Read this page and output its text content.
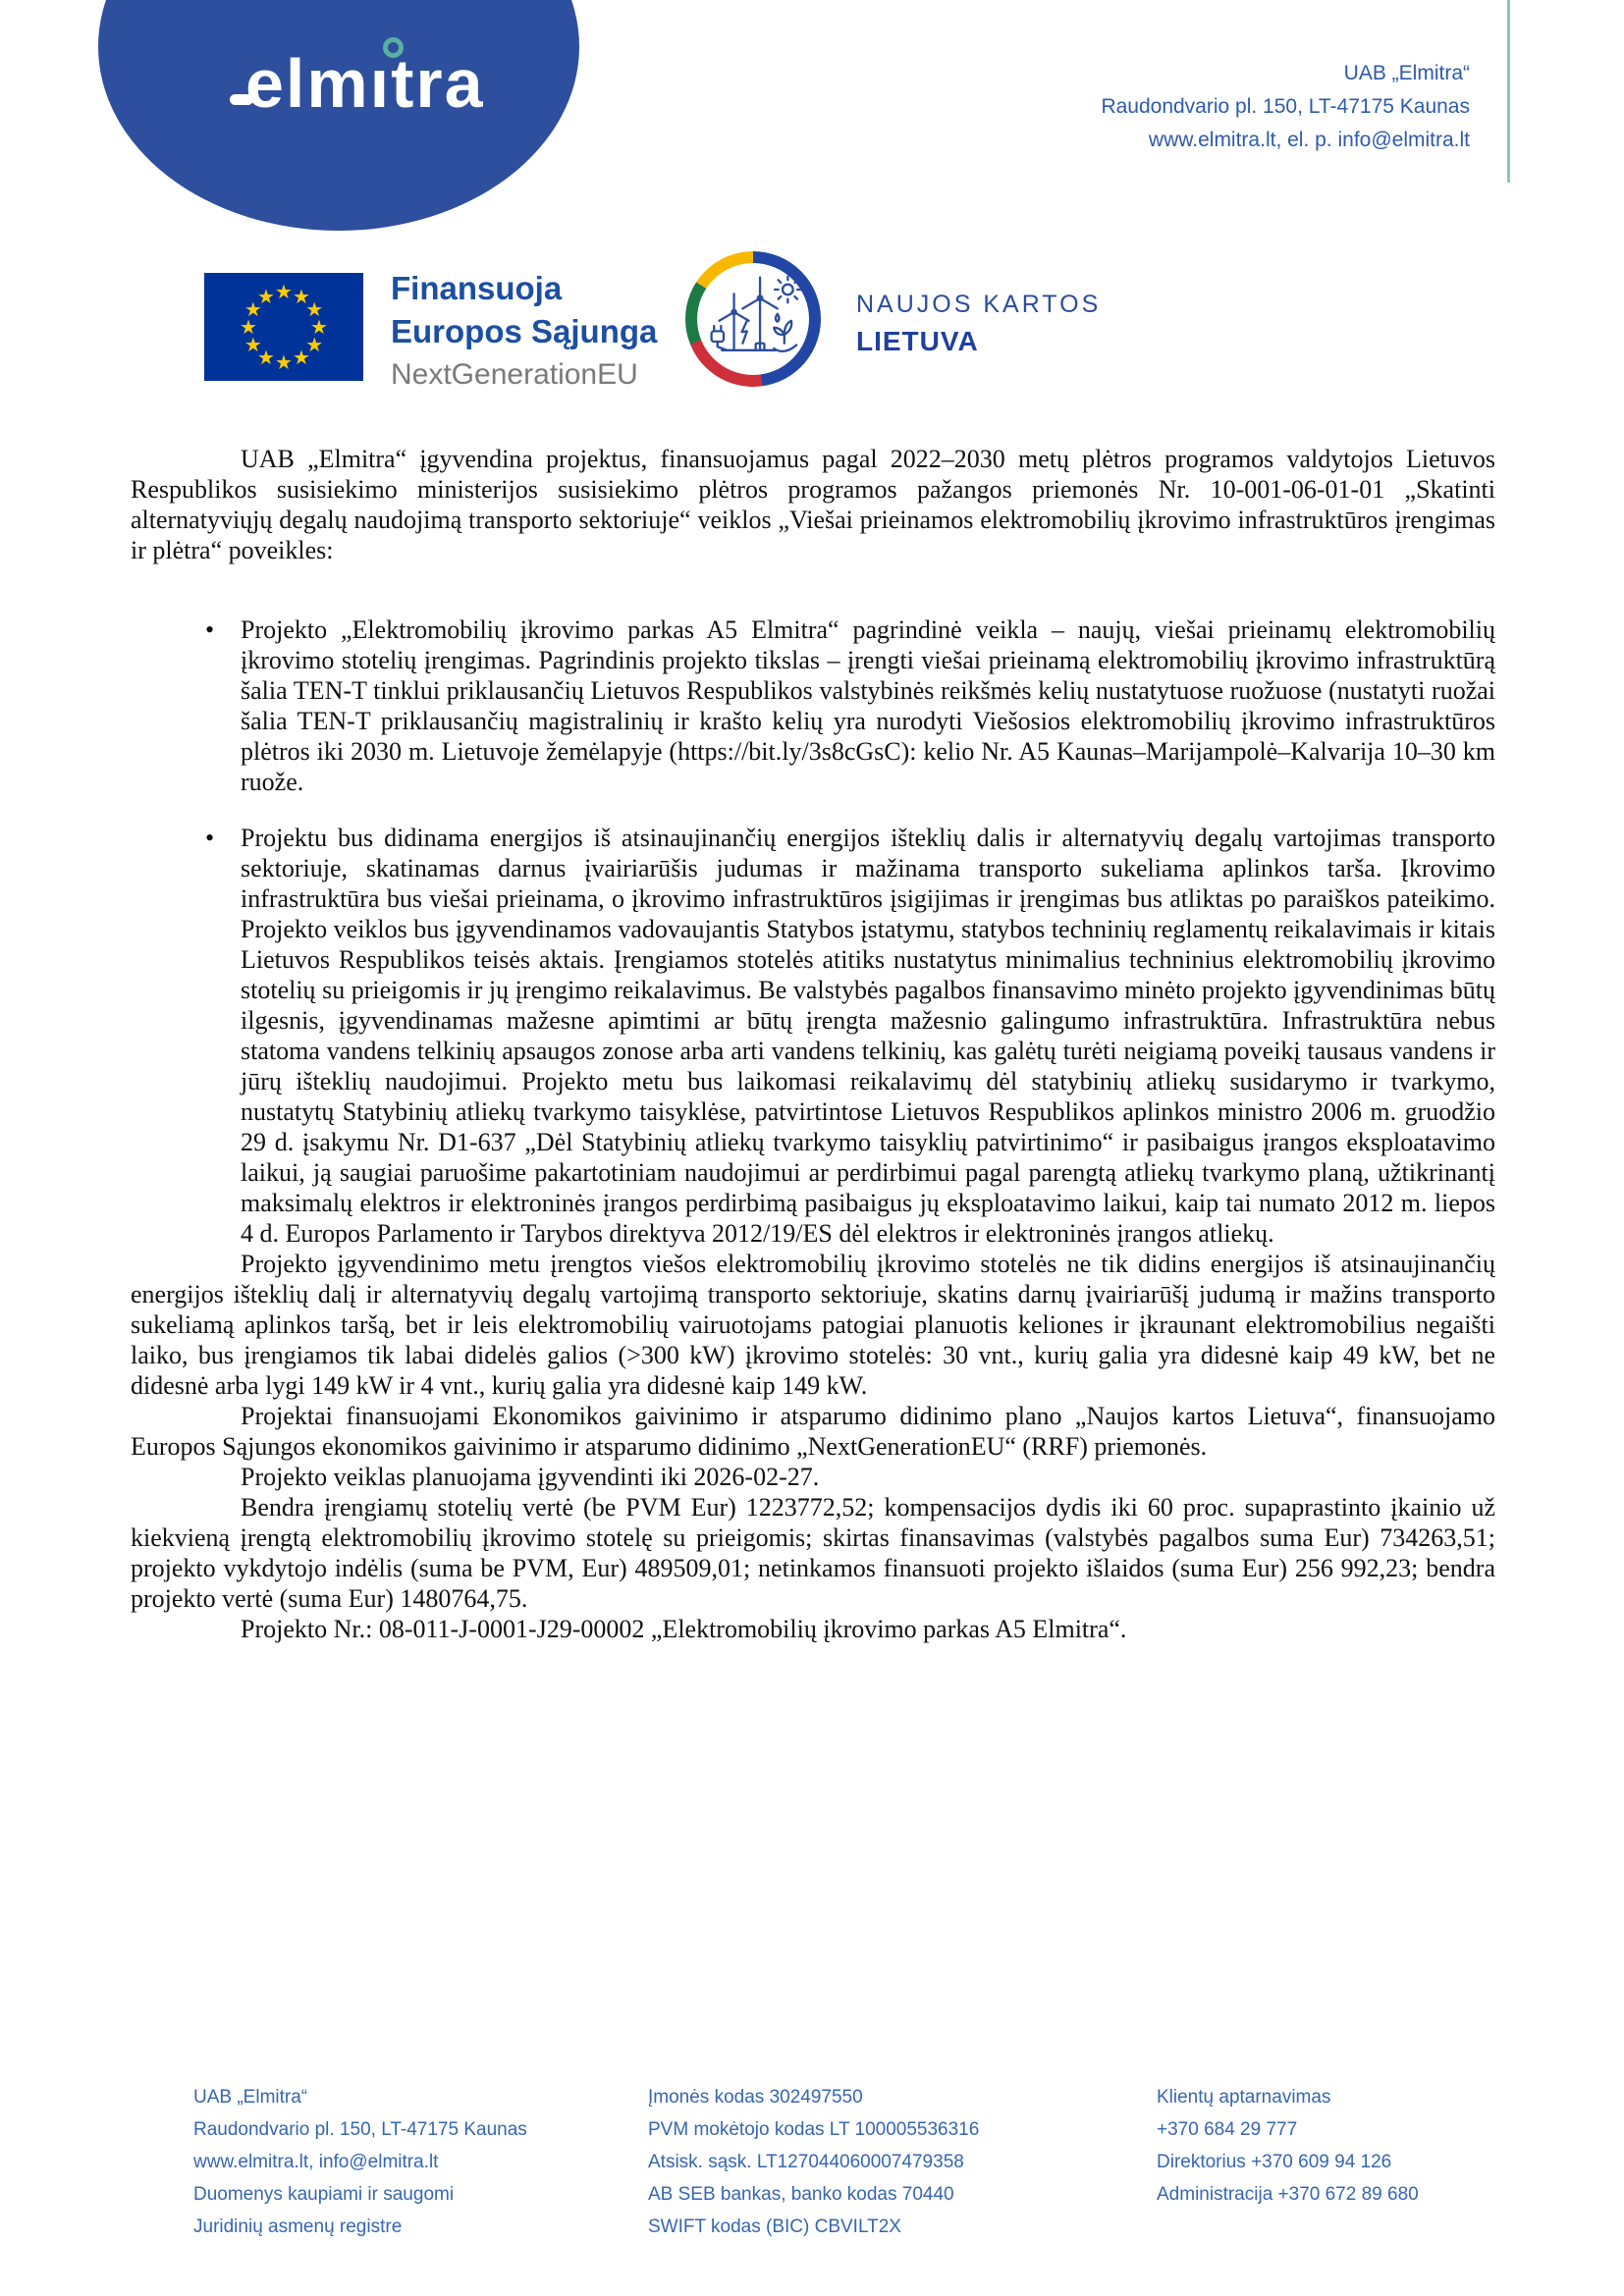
elmıtra	UAB „Elmitra“
Raudondvario pl. 150, LT-47175 Kaunas
www.elmitra.lt, el. p. info@elmitra.lt
★ ★
★
★
★
★
★
★
★
★
★
★	Finansuoja
Europos Sąjunga
NextGenerationEU
NAUJOS KARTOS
LIETUVA

UAB „Elmitra“ įgyvendina projektus, finansuojamus pagal 2022–2030 metų plėtros programos valdytojos Lietuvos Respublikos susisiekimo ministerijos susisiekimo plėtros programos pažangos priemonės Nr. 10-001-06-01-01 „Skatinti alternatyviųjų degalų naudojimą transporto sektoriuje“ veiklos „Viešai prieinamos elektromobilių įkrovimo infrastruktūros įrengimas ir plėtra“ poveikles:

• Projekto „Elektromobilių įkrovimo parkas A5 Elmitra“ pagrindinė veikla – naujų, viešai prieinamų elektromobilių įkrovimo stotelių įrengimas. Pagrindinis projekto tikslas – įrengti viešai prieinamą elektromobilių įkrovimo infrastruktūrą šalia TEN-T tinklui priklausančių Lietuvos Respublikos valstybinės reikšmės kelių nustatytuose ruožuose (nustatyti ruožai šalia TEN-T priklausančių magistralinių ir krašto kelių yra nurodyti Viešosios elektromobilių įkrovimo infrastruktūros plėtros iki 2030 m. Lietuvoje žemėlapyje (https://bit.ly/3s8cGsC): kelio Nr. A5 Kaunas–Marijampolė–Kalvarija 10–30 km ruože.
• Projektu bus didinama energijos iš atsinaujinančių energijos išteklių dalis ir alternatyvių degalų vartojimas transporto sektoriuje, skatinamas darnus įvairiarūšis judumas ir mažinama transporto sukeliama aplinkos tarša. Įkrovimo infrastruktūra bus viešai prieinama, o įkrovimo infrastruktūros įsigijimas ir įrengimas bus atliktas po paraiškos pateikimo. Projekto veiklos bus įgyvendinamos vadovaujantis Statybos įstatymu, statybos techninių reglamentų reikalavimais ir kitais Lietuvos Respublikos teisės aktais. Įrengiamos stotelės atitiks nustatytus minimalius techninius elektromobilių įkrovimo stotelių su prieigomis ir jų įrengimo reikalavimus. Be valstybės pagalbos finansavimo minėto projekto įgyvendinimas būtų ilgesnis, įgyvendinamas mažesne apimtimi ar būtų įrengta mažesnio galingumo infrastruktūra. Infrastruktūra nebus statoma vandens telkinių apsaugos zonose arba arti vandens telkinių, kas galėtų turėti neigiamą poveikį tausaus vandens ir jūrų išteklių naudojimui. Projekto metu bus laikomasi reikalavimų dėl statybinių atliekų susidarymo ir tvarkymo, nustatytų Statybinių atliekų tvarkymo taisyklėse, patvirtintose Lietuvos Respublikos aplinkos ministro 2006 m. gruodžio 29 d. įsakymu Nr. D1-637 „Dėl Statybinių atliekų tvarkymo taisyklių patvirtinimo“ ir pasibaigus įrangos eksploatavimo laikui, ją saugiai paruošime pakartotiniam naudojimui ar perdirbimui pagal parengtą atliekų tvarkymo planą, užtikrinantį maksimalų elektros ir elektroninės įrangos perdirbimą pasibaigus jų eksploatavimo laikui, kaip tai numato 2012 m. liepos 4 d. Europos Parlamento ir Tarybos direktyva 2012/19/ES dėl elektros ir elektroninės įrangos atliekų.

Projekto įgyvendinimo metu įrengtos viešos elektromobilių įkrovimo stotelės ne tik didins energijos iš atsinaujinančių energijos išteklių dalį ir alternatyvių degalų vartojimą transporto sektoriuje, skatins darnų įvairiarūšį judumą ir mažins transporto sukeliamą aplinkos taršą, bet ir leis elektromobilių vairuotojams patogiai planuotis keliones ir įkraunant elektromobilius negaišti laiko, bus įrengiamos tik labai didelės galios (>300 kW) įkrovimo stotelės: 30 vnt., kurių galia yra didesnė kaip 49 kW, bet ne didesnė arba lygi 149 kW ir 4 vnt., kurių galia yra didesnė kaip 149 kW.

Projektai finansuojami Ekonomikos gaivinimo ir atsparumo didinimo plano „Naujos kartos Lietuva“, finansuojamo Europos Sąjungos ekonomikos gaivinimo ir atsparumo didinimo „NextGenerationEU“ (RRF) priemonės.

Projekto veiklas planuojama įgyvendinti iki 2026-02-27.

Bendra įrengiamų stotelių vertė (be PVM Eur) 1223772,52; kompensacijos dydis iki 60 proc. supaprastinto įkainio už kiekvieną įrengtą elektromobilių įkrovimo stotelę su prieigomis; skirtas finansavimas (valstybės pagalbos suma Eur) 734263,51; projekto vykdytojo indėlis (suma be PVM, Eur) 489509,01; netinkamos finansuoti projekto išlaidos (suma Eur) 256 992,23; bendra projekto vertė (suma Eur) 1480764,75.

Projekto Nr.: 08-011-J-0001-J29-00002 „Elektromobilių įkrovimo parkas A5 Elmitra“.

UAB „Elmitra“
Raudondvario pl. 150, LT-47175 Kaunas
www.elmitra.lt, info@elmitra.lt
Duomenys kaupiami ir saugomi
Juridinių asmenų registre
Įmonės kodas 302497550
PVM mokėtojo kodas LT 100005536316
Atsisk. sąsk. LT127044060007479358
AB SEB bankas, banko kodas 70440
SWIFT kodas (BIC) CBVILT2X
Klientų aptarnavimas
+370 684 29 777
Direktorius +370 609 94 126
Administracija +370 672 89 680
